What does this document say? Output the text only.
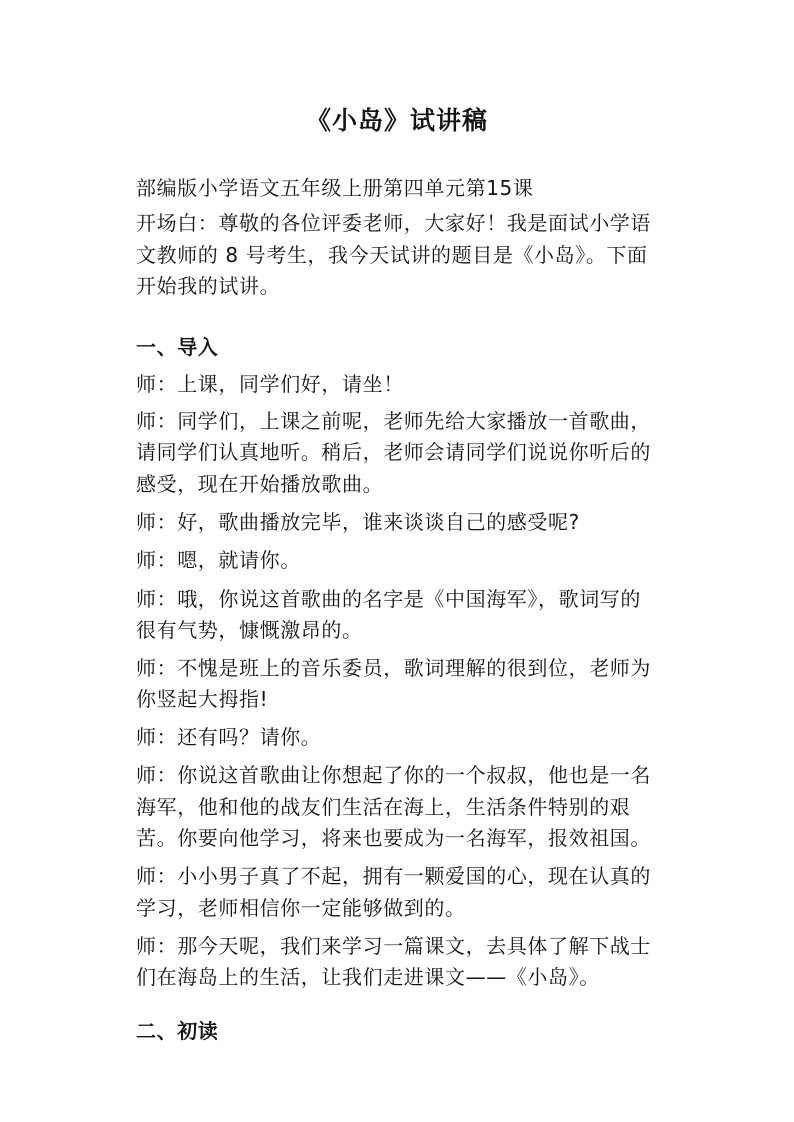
《小岛》试讲稿
部编版小学语文五年级上册第四单元第15课
开场白：尊敬的各位评委老师，大家好！我是面试小学语
文教师的 8 号考生，我今天试讲的题目是《小岛》。下面
开始我的试讲。
一、导入
师：上课，同学们好，请坐！
师：同学们，上课之前呢，老师先给大家播放一首歌曲，
请同学们认真地听。稍后，老师会请同学们说说你听后的
感受，现在开始播放歌曲。
师：好，歌曲播放完毕，谁来谈谈自己的感受呢?
师：嗯，就请你。
师：哦，你说这首歌曲的名字是《中国海军》，歌词写的
很有气势，慷慨激昂的。
师：不愧是班上的音乐委员，歌词理解的很到位，老师为
你竖起大拇指!
师：还有吗？请你。
师：你说这首歌曲让你想起了你的一个叔叔，他也是一名
海军，他和他的战友们生活在海上，生活条件特别的艰
苦。你要向他学习，将来也要成为一名海军，报效祖国。
师：小小男子真了不起，拥有一颗爱国的心，现在认真的
学习，老师相信你一定能够做到的。
师：那今天呢，我们来学习一篇课文，去具体了解下战士
们在海岛上的生活，让我们走进课文——《小岛》。
二、初读
